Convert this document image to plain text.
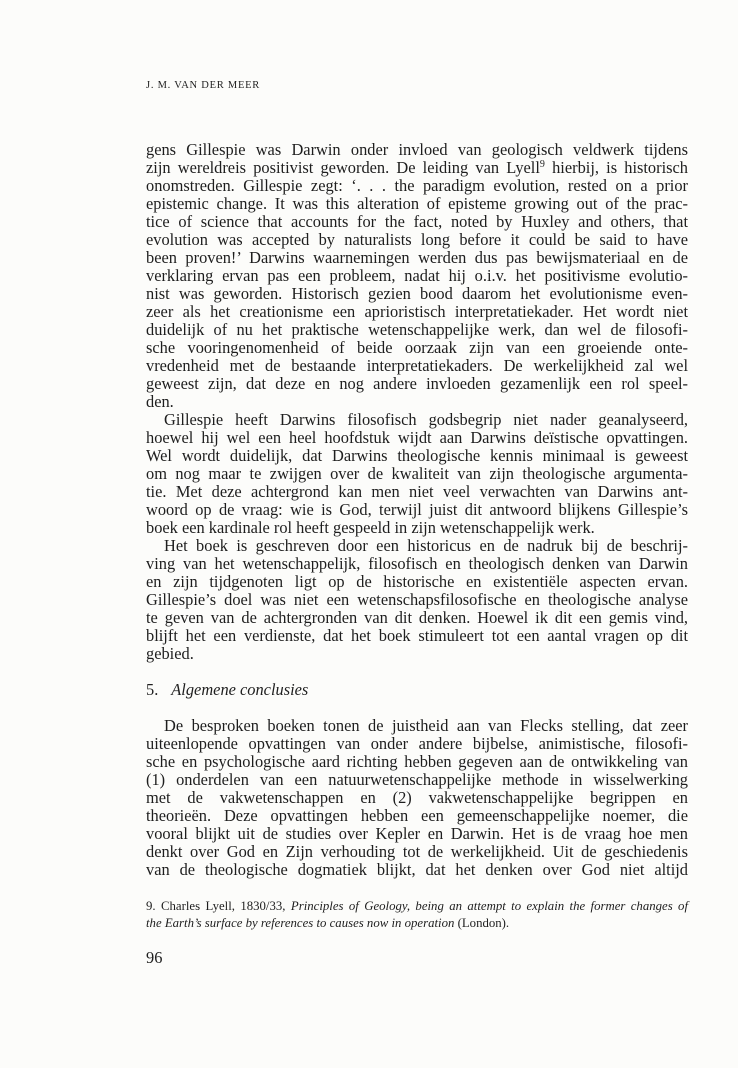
J. M. VAN DER MEER
gens Gillespie was Darwin onder invloed van geologisch veldwerk tijdens
zijn wereldreis positivist geworden. De leiding van Lyell$^9$ hierbij, is historisch
onomstreden. Gillespie zegt: ‘. . . the paradigm evolution, rested on a prior
epistemic change. It was this alteration of episteme growing out of the prac-
tice of science that accounts for the fact, noted by Huxley and others, that
evolution was accepted by naturalists long before it could be said to have
been proven!’ Darwins waarnemingen werden dus pas bewijsmateriaal en de
verklaring ervan pas een probleem, nadat hij o.i.v. het positivisme evolutio-
nist was geworden. Historisch gezien bood daarom het evolutionisme even-
zeer als het creationisme een aprioristisch interpretatiekader. Het wordt niet
duidelijk of nu het praktische wetenschappelijke werk, dan wel de filosofi-
sche vooringenomenheid of beide oorzaak zijn van een groeiende onte-
vredenheid met de bestaande interpretatiekaders. De werkelijkheid zal wel
geweest zijn, dat deze en nog andere invloeden gezamenlijk een rol speel-
den.
Gillespie heeft Darwins filosofisch godsbegrip niet nader geanalyseerd,
hoewel hij wel een heel hoofdstuk wijdt aan Darwins deïstische opvattingen.
Wel wordt duidelijk, dat Darwins theologische kennis minimaal is geweest
om nog maar te zwijgen over de kwaliteit van zijn theologische argumenta-
tie. Met deze achtergrond kan men niet veel verwachten van Darwins ant-
woord op de vraag: wie is God, terwijl juist dit antwoord blijkens Gillespie’s
boek een kardinale rol heeft gespeeld in zijn wetenschappelijk werk.
Het boek is geschreven door een historicus en de nadruk bij de beschrij-
ving van het wetenschappelijk, filosofisch en theologisch denken van Darwin
en zijn tijdgenoten ligt op de historische en existentiële aspecten ervan.
Gillespie’s doel was niet een wetenschapsfilosofische en theologische analyse
te geven van de achtergronden van dit denken. Hoewel ik dit een gemis vind,
blijft het een verdienste, dat het boek stimuleert tot een aantal vragen op dit
gebied.
5. Algemene conclusies
De besproken boeken tonen de juistheid aan van Flecks stelling, dat zeer
uiteenlopende opvattingen van onder andere bijbelse, animistische, filosofi-
sche en psychologische aard richting hebben gegeven aan de ontwikkeling van
(1) onderdelen van een natuurwetenschappelijke methode in wisselwerking
met de vakwetenschappen en (2) vakwetenschappelijke begrippen en
theorieën. Deze opvattingen hebben een gemeenschappelijke noemer, die
vooral blijkt uit de studies over Kepler en Darwin. Het is de vraag hoe men
denkt over God en Zijn verhouding tot de werkelijkheid. Uit de geschiedenis
van de theologische dogmatiek blijkt, dat het denken over God niet altijd
9. Charles Lyell, 1830/33, Principles of Geology, being an attempt to explain the former changes of
the Earth’s surface by references to causes now in operation (London).
96
